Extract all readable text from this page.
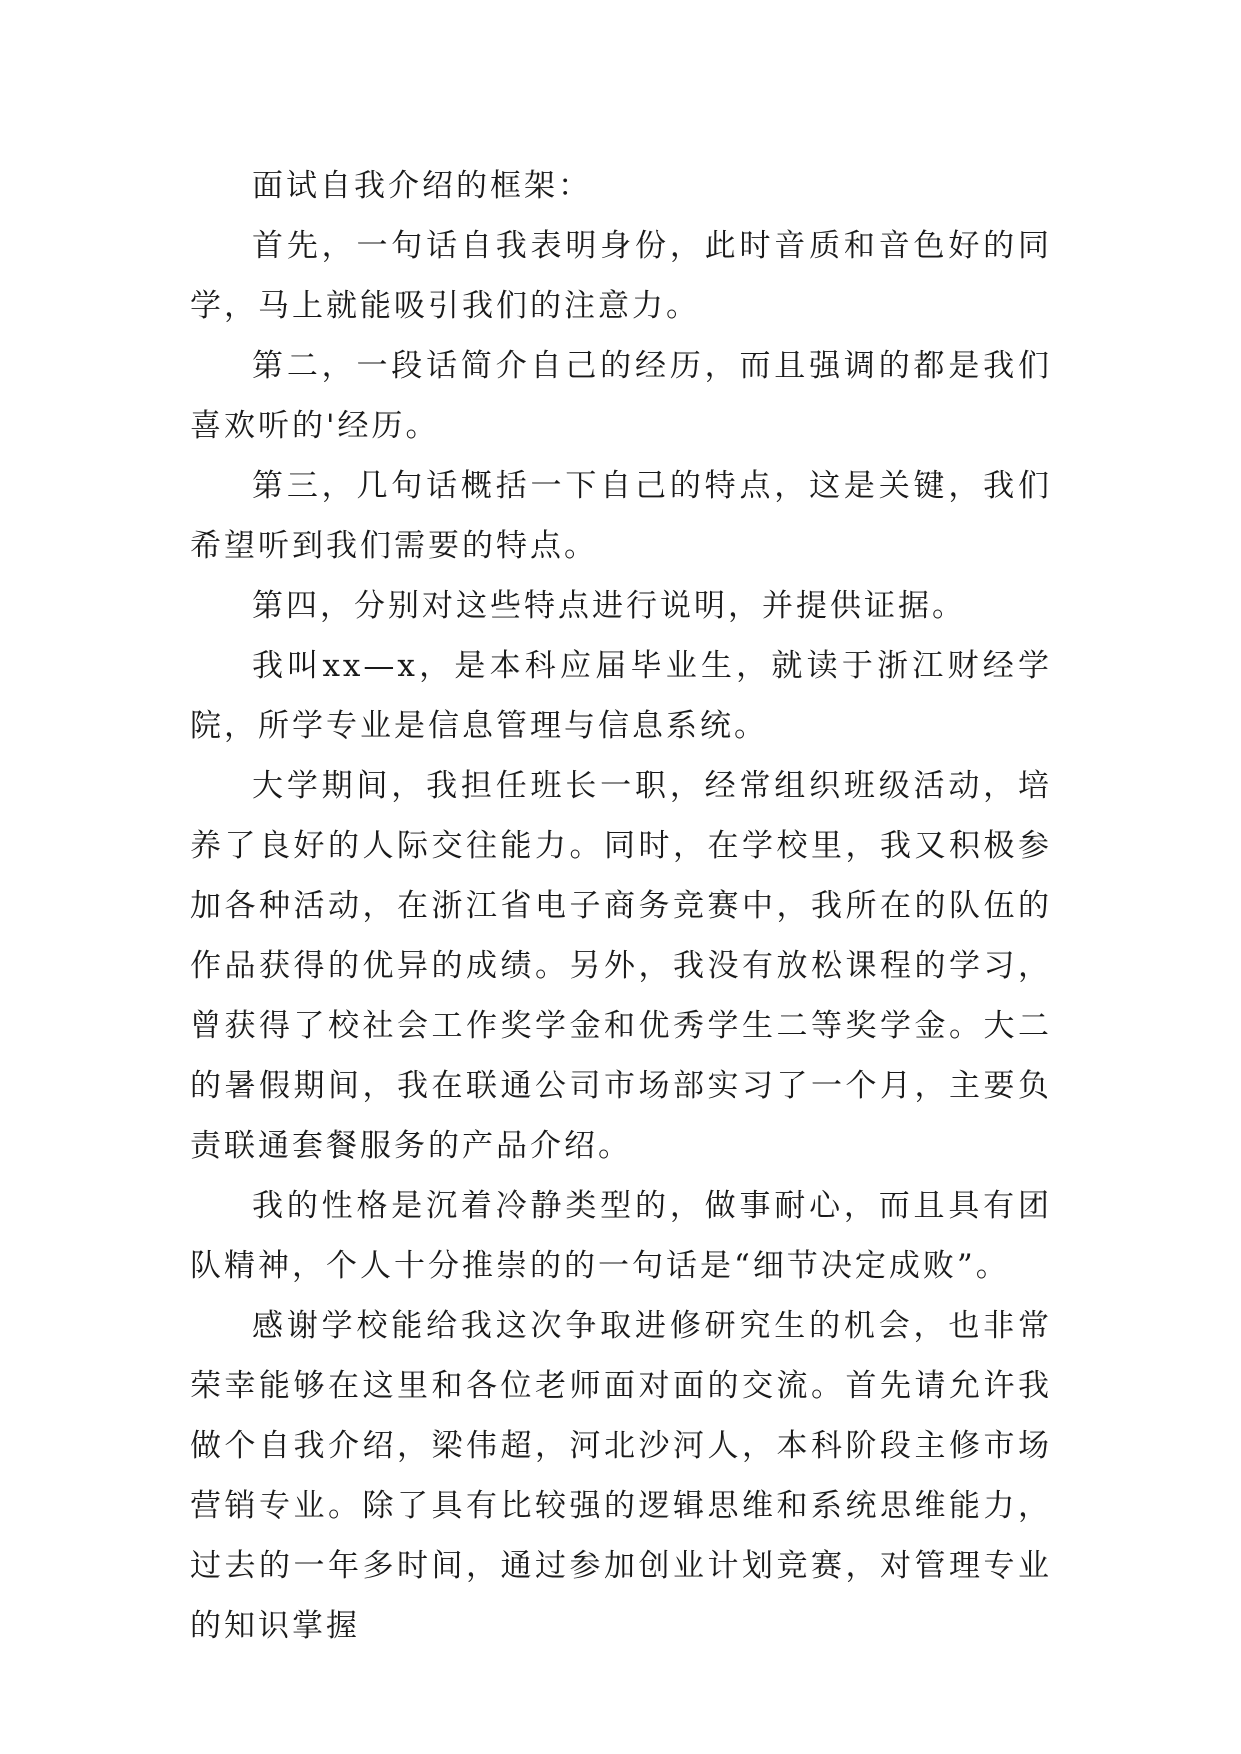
面试自我介绍的框架：

首先，一句话自我表明身份，此时音质和音色好的同学，马上就能吸引我们的注意力。

第二，一段话简介自己的经历，而且强调的都是我们喜欢听的'经历。

第三，几句话概括一下自己的特点，这是关键，我们希望听到我们需要的特点。

第四，分别对这些特点进行说明，并提供证据。

我叫xx—x，是本科应届毕业生，就读于浙江财经学院，所学专业是信息管理与信息系统。

大学期间，我担任班长一职，经常组织班级活动，培养了良好的人际交往能力。同时，在学校里，我又积极参加各种活动，在浙江省电子商务竞赛中，我所在的队伍的作品获得的优异的成绩。另外，我没有放松课程的学习，曾获得了校社会工作奖学金和优秀学生二等奖学金。大二的暑假期间，我在联通公司市场部实习了一个月，主要负责联通套餐服务的产品介绍。

我的性格是沉着冷静类型的，做事耐心，而且具有团队精神，个人十分推崇的的一句话是“细节决定成败”。

感谢学校能给我这次争取进修研究生的机会，也非常荣幸能够在这里和各位老师面对面的交流。首先请允许我做个自我介绍，梁伟超，河北沙河人，本科阶段主修市场营销专业。除了具有比较强的逻辑思维和系统思维能力，过去的一年多时间，通过参加创业计划竞赛，对管理专业的知识掌握
